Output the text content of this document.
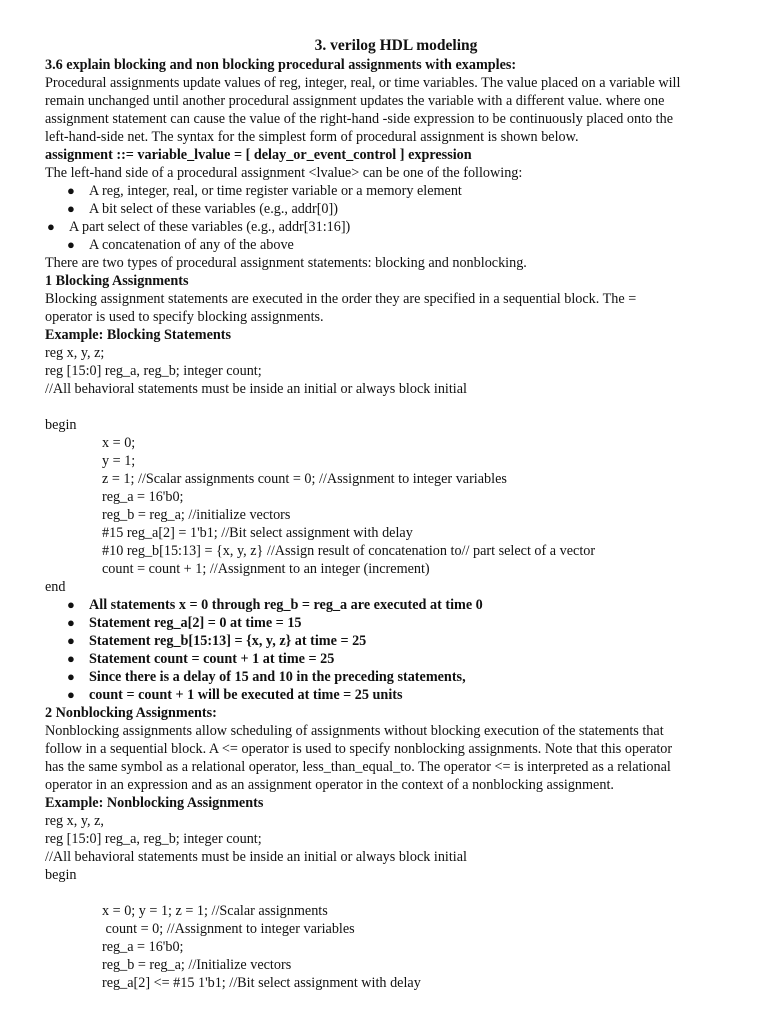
3. verilog HDL modeling
3.6 explain blocking and non blocking procedural assignments with examples:
Procedural assignments update values of reg, integer, real, or time variables. The value placed on a variable will
remain unchanged until another procedural assignment updates the variable with a different value. where one
assignment statement can cause the value of the right-hand -side expression to be continuously placed onto the
left-hand-side net. The syntax for the simplest form of procedural assignment is shown below.
assignment ::= variable_lvalue = [ delay_or_event_control ] expression
The left-hand side of a procedural assignment <lvalue> can be one of the following:
● A reg, integer, real, or time register variable or a memory element
● A bit select of these variables (e.g., addr[0])
● A part select of these variables (e.g., addr[31:16])
● A concatenation of any of the above
There are two types of procedural assignment statements: blocking and nonblocking.
1 Blocking Assignments
Blocking assignment statements are executed in the order they are specified in a sequential block. The =
operator is used to specify blocking assignments.
Example: Blocking Statements
reg x, y, z;
reg [15:0] reg_a, reg_b; integer count;
//All behavioral statements must be inside an initial or always block initial
begin
x = 0;
y = 1;
z = 1; //Scalar assignments count = 0; //Assignment to integer variables
reg_a = 16'b0;
reg_b = reg_a; //initialize vectors
#15 reg_a[2] = 1'b1; //Bit select assignment with delay
#10 reg_b[15:13] = {x, y, z} //Assign result of concatenation to// part select of a vector
count = count + 1; //Assignment to an integer (increment)
end
● All statements x = 0 through reg_b = reg_a are executed at time 0
● Statement reg_a[2] = 0 at time = 15
● Statement reg_b[15:13] = {x, y, z} at time = 25
● Statement count = count + 1 at time = 25
● Since there is a delay of 15 and 10 in the preceding statements,
● count = count + 1 will be executed at time = 25 units
2 Nonblocking Assignments:
Nonblocking assignments allow scheduling of assignments without blocking execution of the statements that
follow in a sequential block. A <= operator is used to specify nonblocking assignments. Note that this operator
has the same symbol as a relational operator, less_than_equal_to. The operator <= is interpreted as a relational
operator in an expression and as an assignment operator in the context of a nonblocking assignment.
Example: Nonblocking Assignments
reg x, y, z,
reg [15:0] reg_a, reg_b; integer count;
//All behavioral statements must be inside an initial or always block initial
begin
x = 0; y = 1; z = 1; //Scalar assignments
count = 0; //Assignment to integer variables
reg_a = 16'b0;
reg_b = reg_a; //Initialize vectors
reg_a[2] <= #15 1'b1; //Bit select assignment with delay
